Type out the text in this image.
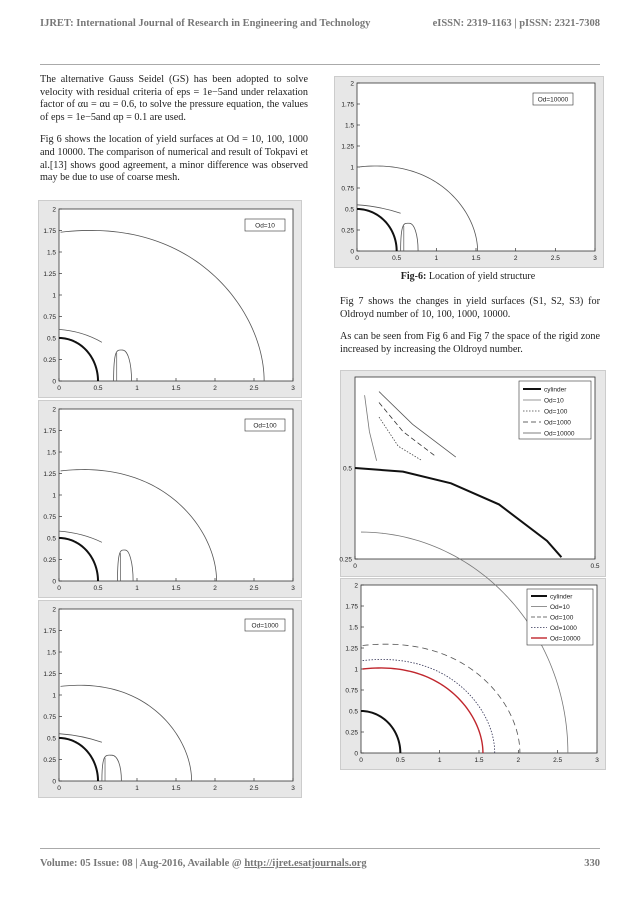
IJRET: International Journal of Research in Engineering and Technology	eISSN: 2319-1163 | pISSN: 2321-7308

The alternative Gauss Seidel (GS) has been adopted to solve velocity with residual criteria of eps = 1e−5and under relaxation factor of αu = αu = 0.6, to solve the pressure equation, the values of eps = 1e−5and αp = 0.1 are used.

Fig 6 shows the location of yield surfaces at Od = 10, 100, 1000 and 10000. The comparison of numerical and result of Tokpavi et al.[13] shows good agreement, a minor difference was observed may be due to use of coarse mesh.

0	0.5	1	1.5	2	2.5	3
0
0.25
0.5
0.75
1
1.25
1.5
1.75
2
Od=10
0	0.5	1	1.5	2	2.5	3
0
0.25
0.5
0.75
1
1.25
1.5
1.75
2
Od=100
0	0.5	1	1.5	2	2.5	3
0
0.25
0.5
0.75
1
1.25
1.5
1.75
2
Od=1000
0	0.5	1	1.5	2	2.5	3
0
0.25
0.5
0.75
1
1.25
1.5
1.75
2
Od=10000
Fig-6: Location of yield structure

Fig 7 shows the changes in yield surfaces (S1, S2, S3) for Oldroyd number of 10, 100, 1000, 10000.

As can be seen from Fig 6 and Fig 7 the space of the rigid zone increased by increasing the Oldroyd number.

0	0.5
0.25
0.5
cylinder
Od=10
Od=100
Od=1000
Od=10000
0	0.5	1	1.5	2	2.5	3
0
0.25
0.5
0.75
1
1.25
1.5
1.75
2
cylinder
Od=10
Od=100
Od=1000
Od=10000
Volume: 05 Issue: 08 | Aug-2016, Available @ http://ijret.esatjournals.org	330
